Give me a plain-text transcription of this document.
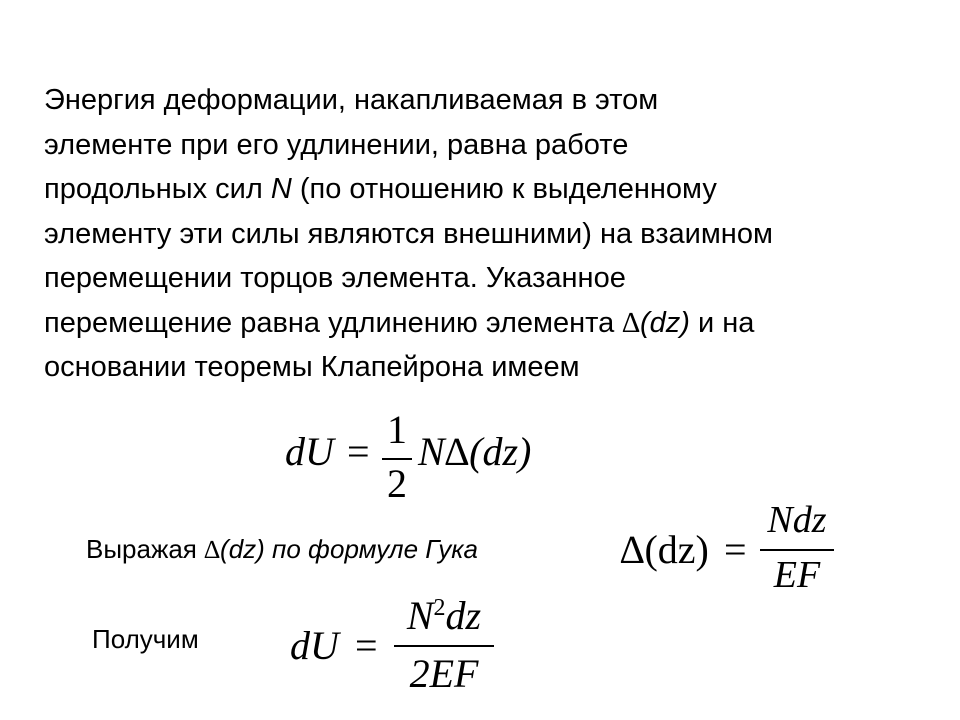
Энергия деформации, накапливаемая в этом
элементе при его удлинении, равна работе
продольных сил N (по отношению к выделенному
элементу эти силы являются внешними) на взаимном
перемещении торцов элемента. Указанное
перемещение равна удлинению элемента ∆(dz) и на
основании теоремы Клапейрона имеем
dU = 1
2
N∆(dz)
Выражая ∆(dz) по формуле Гука	∆(dz) =
Ndz
EF
Получим dU =
$N^2dz$
2EF
